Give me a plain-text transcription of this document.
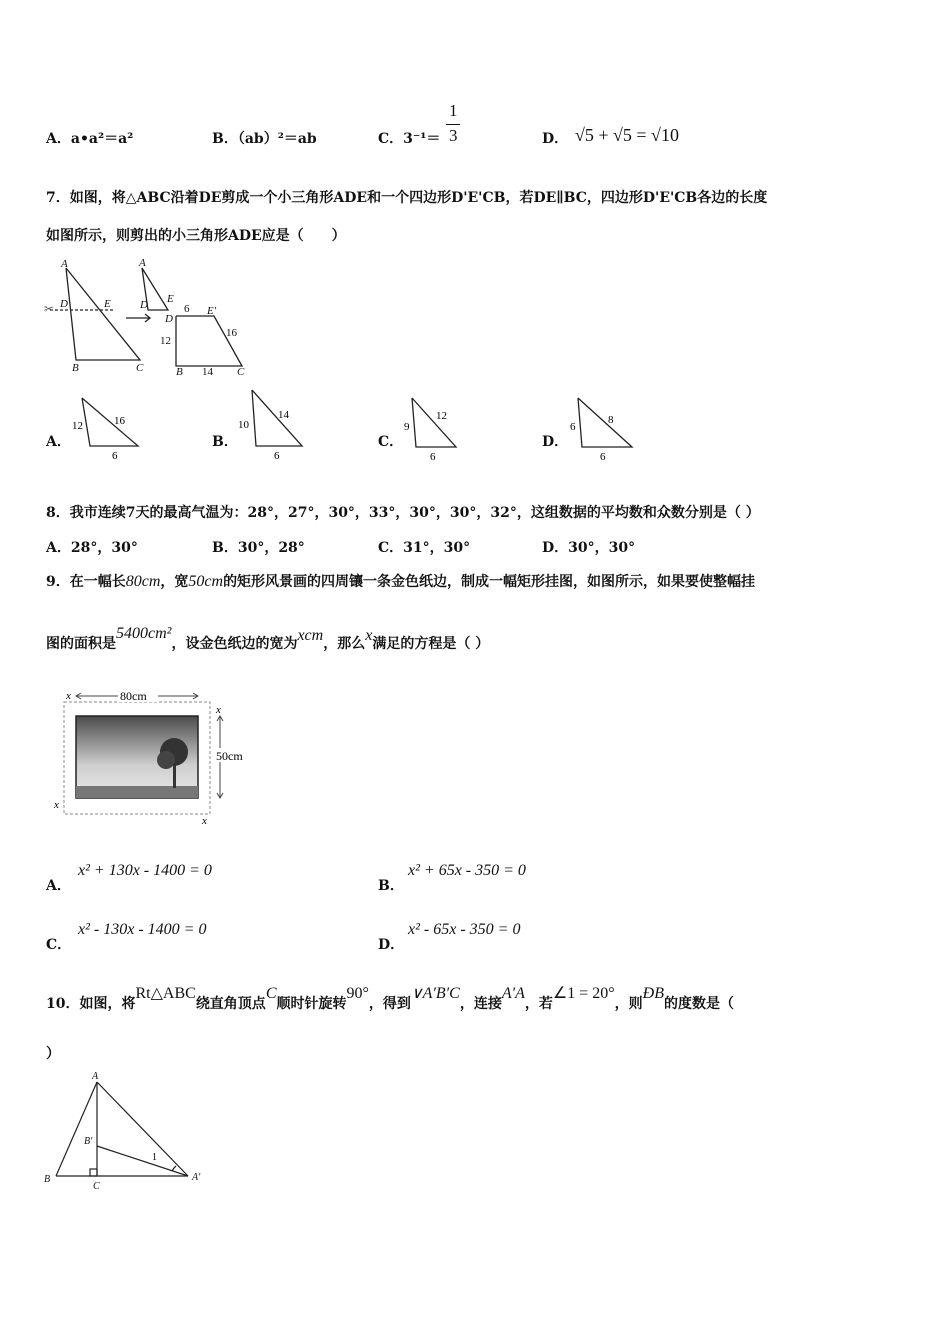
A．a•a²＝a²	B．（ab）²＝ab	C．3⁻¹＝
1
3	D． √5 + √5 = √10
7．如图，将△ABC沿着DE剪成一个小三角形ADE和一个四边形D'E'CB，若DE∥BC，四边形D'E'CB各边的长度
如图所示，则剪出的小三角形ADE应是（　　）
✂
A
D	E
B	C
A
D E
D
E'
B	C
6
12
16
14
A．
12	16
6
B．
10
14
6
C．
9
12
6
D．
6
8
6
8．我市连续7天的最高气温为：28°，27°，30°，33°，30°，30°，32°，这组数据的平均数和众数分别是（ ）
A．28°，30°	B．30°，28°	C．31°，30°	D．30°，30°
9．在一幅长80cm，宽50cm的矩形风景画的四周镶一条金色纸边，制成一幅矩形挂图，如图所示，如果要使整幅挂
图的面积是5400cm²，设金色纸边的宽为xcm，那么x满足的方程是（ ）
80cm
50cm
x
x
x
x
A．
x² + 130x - 1400 = 0
B．
x² + 65x - 350 = 0
C．
x² - 130x - 1400 = 0
D．
x² - 65x - 350 = 0
10．如图，将Rt△ABC绕直角顶点C顺时针旋转90°，得到∨A′B′C，连接A′A，若∠1 = 20°，则ÐB的度数是（
）
A
B'
B
C
A'
1
